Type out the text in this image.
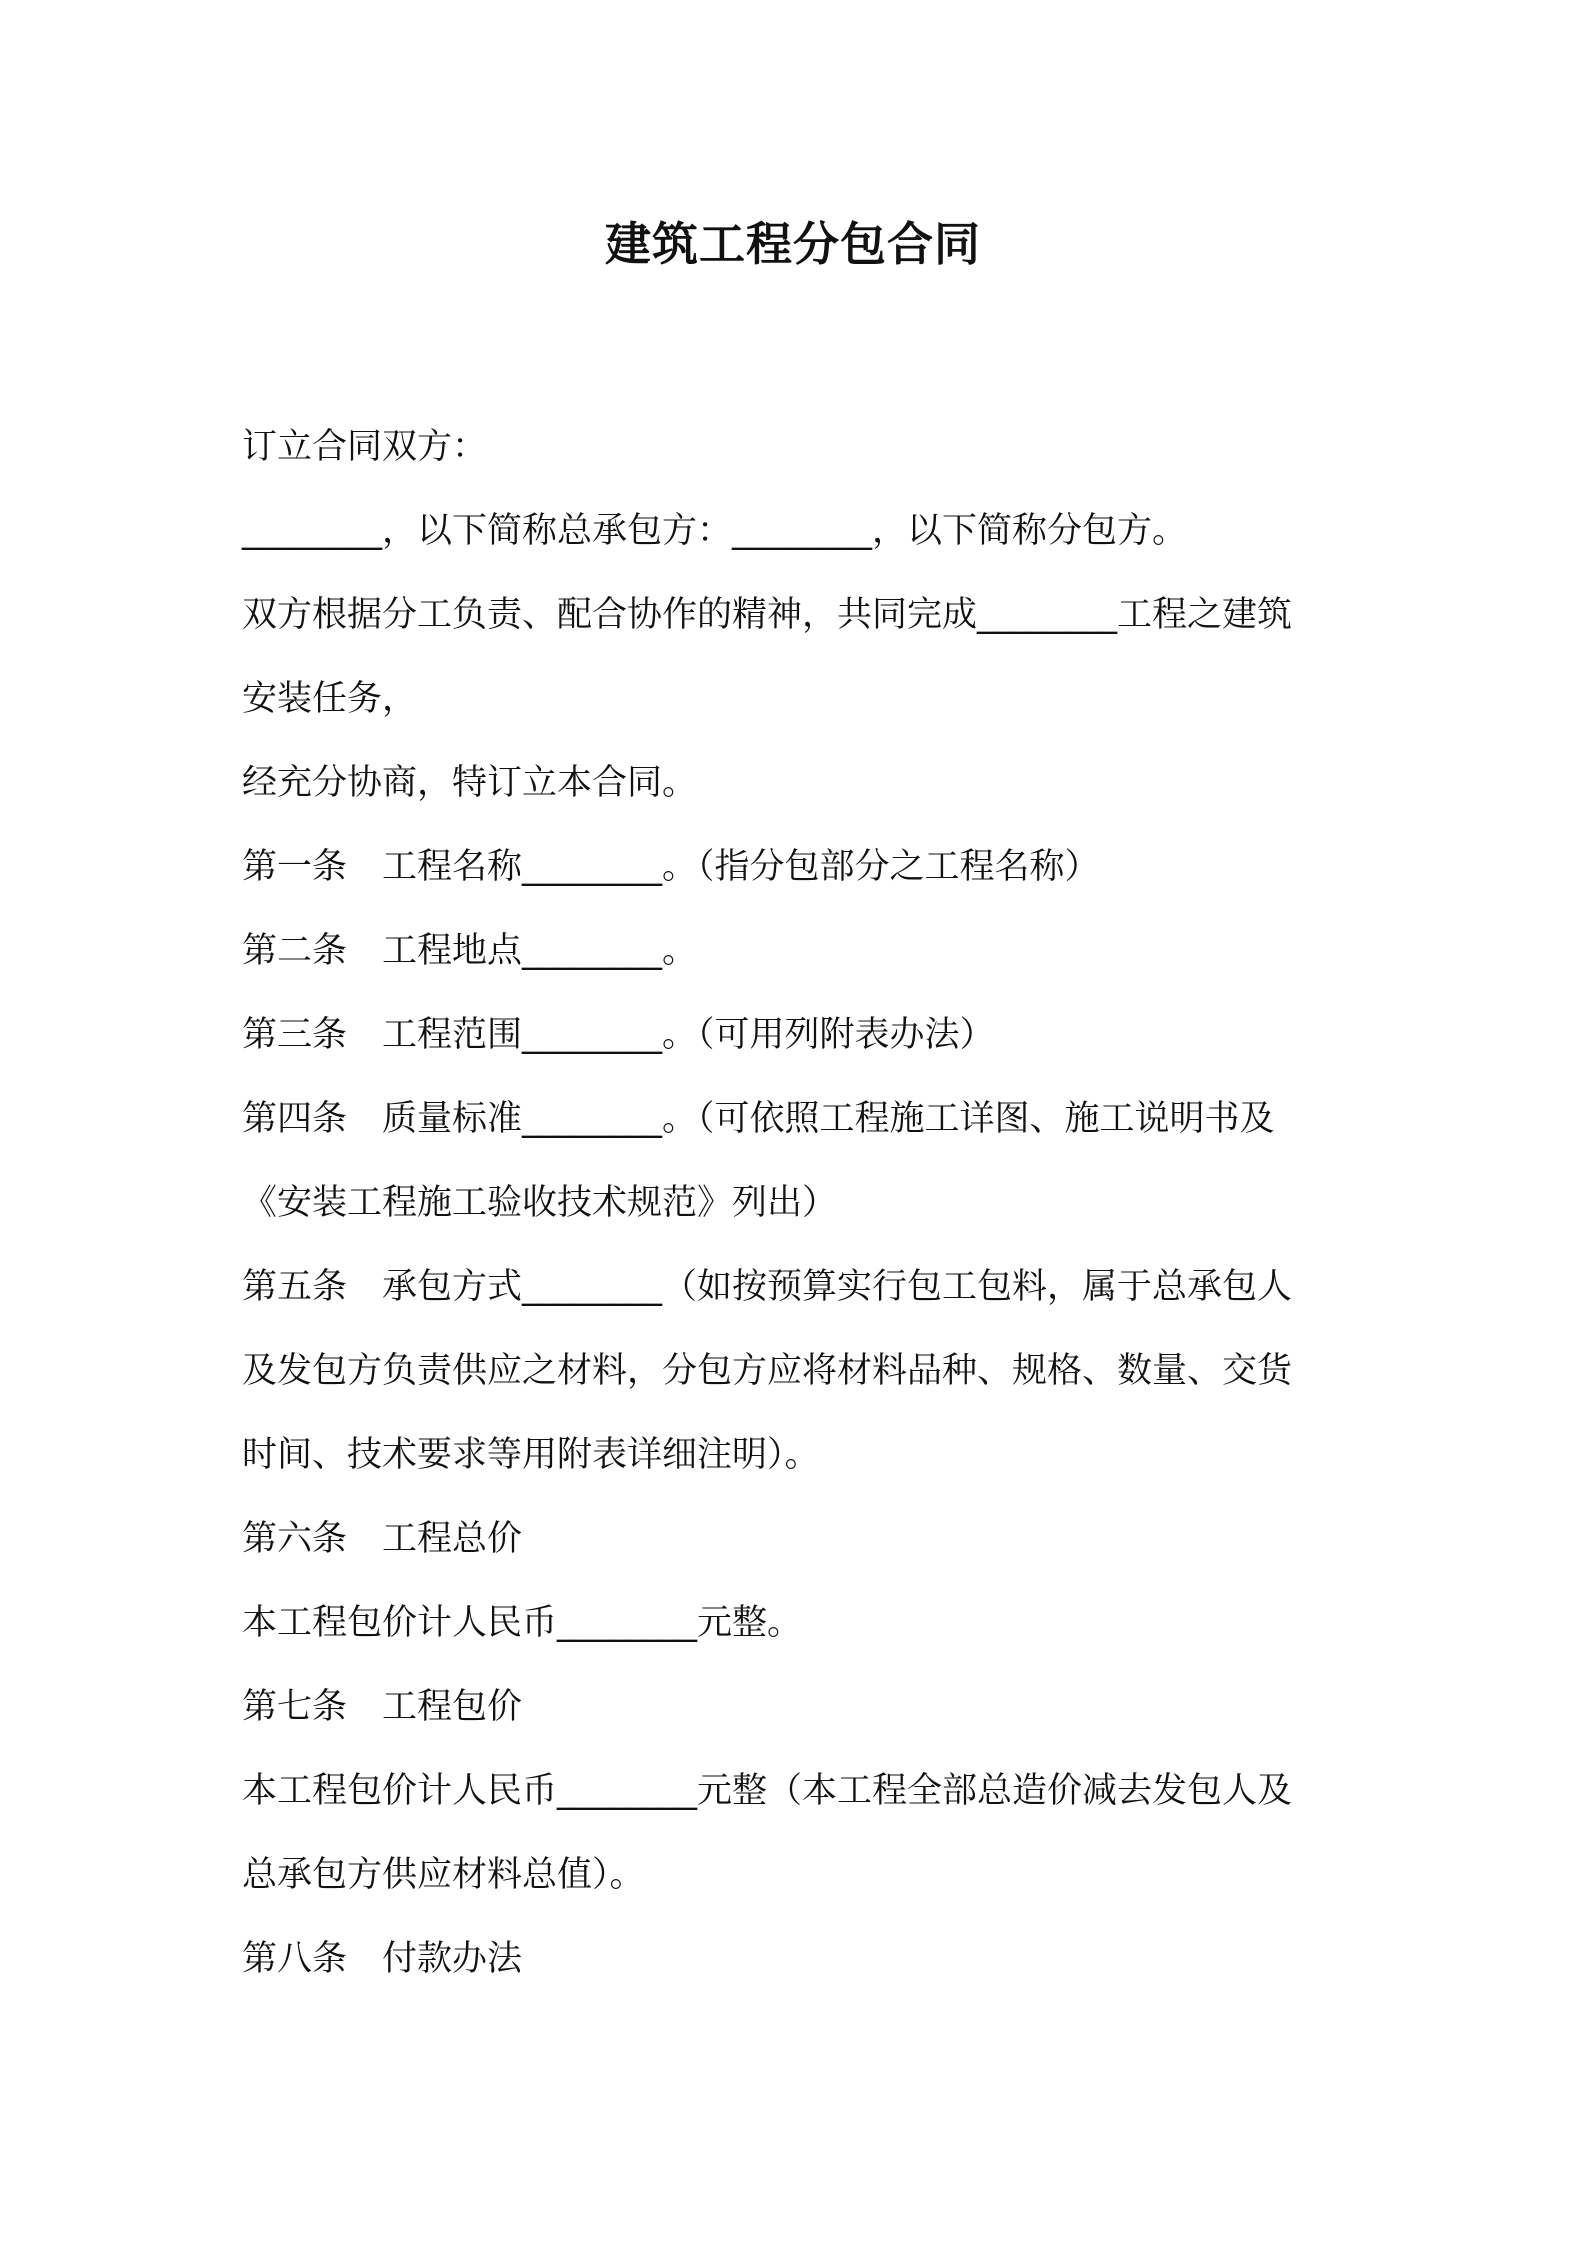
建筑工程分包合同
订立合同双方：
________，以下简称总承包方：________，以下简称分包方。
双方根据分工负责、配合协作的精神，共同完成________工程之建筑
安装任务，
经充分协商，特订立本合同。
第一条　工程名称________。（指分包部分之工程名称）
第二条　工程地点________。
第三条　工程范围________。（可用列附表办法）
第四条　质量标准________。（可依照工程施工详图、施工说明书及
《安装工程施工验收技术规范》列出）
第五条　承包方式________（如按预算实行包工包料，属于总承包人
及发包方负责供应之材料，分包方应将材料品种、规格、数量、交货
时间、技术要求等用附表详细注明）。
第六条　工程总价
本工程包价计人民币________元整。
第七条　工程包价
本工程包价计人民币________元整（本工程全部总造价减去发包人及
总承包方供应材料总值）。
第八条　付款办法
